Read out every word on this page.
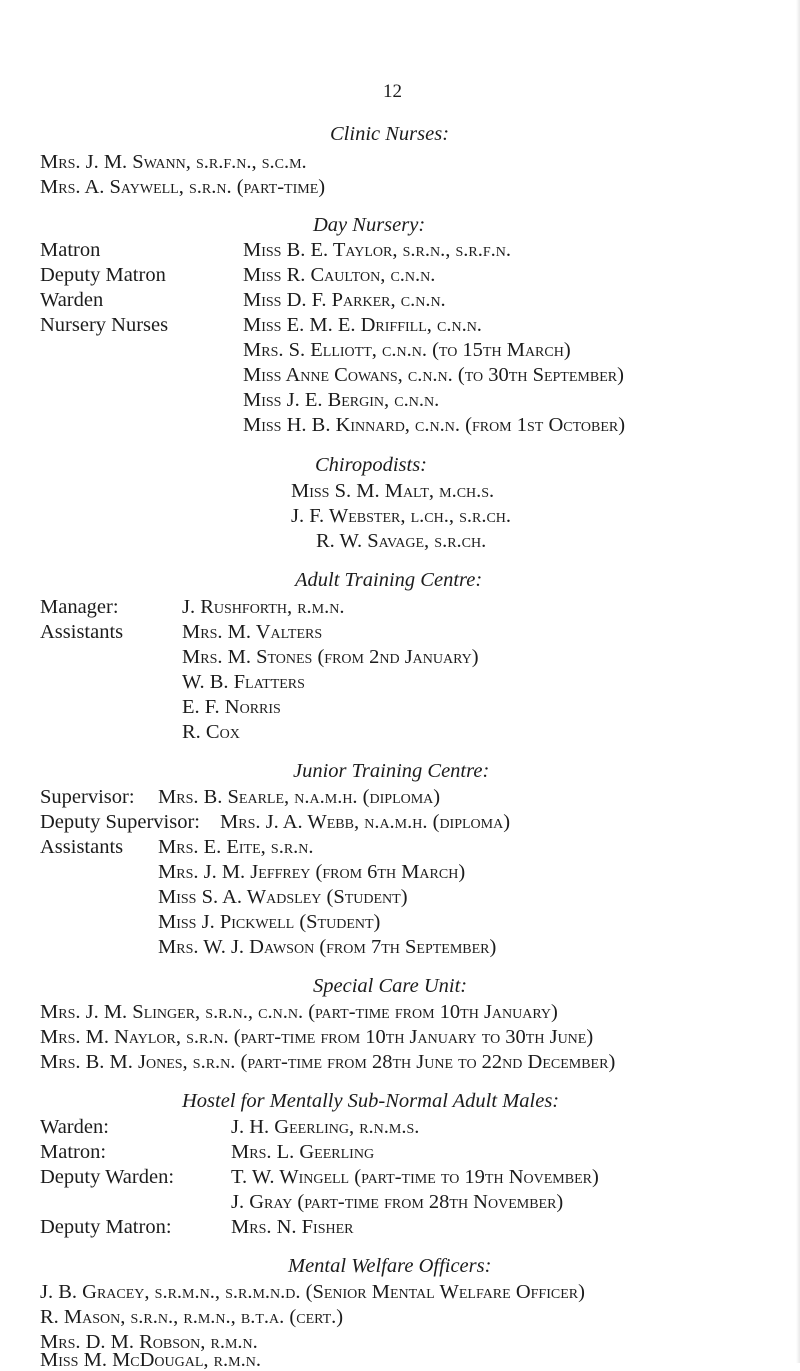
12
Clinic Nurses:
Mrs. J. M. Swann, s.r.f.n., s.c.m.
Mrs. A. Saywell, s.r.n. (part-time)
Day Nursery:
Matron
Deputy Matron
Warden
Nursery Nurses
Miss B. E. Taylor, s.r.n., s.r.f.n.
Miss R. Caulton, c.n.n.
Miss D. F. Parker, c.n.n.
Miss E. M. E. Driffill, c.n.n.
Mrs. S. Elliott, c.n.n. (to 15th March)
Miss Anne Cowans, c.n.n. (to 30th September)
Miss J. E. Bergin, c.n.n.
Miss H. B. Kinnard, c.n.n. (from 1st October)
Chiropodists:
Miss S. M. Malt, m.ch.s.
J. F. Webster, l.ch., s.r.ch.
R. W. Savage, s.r.ch.
Adult Training Centre:
Manager:
Assistants
J. Rushforth, r.m.n.
Mrs. M. Valters
Mrs. M. Stones (from 2nd January)
W. B. Flatters
E. F. Norris
R. Cox
Junior Training Centre:
Supervisor:
Deputy Supervisor:
Assistants
Mrs. B. Searle, n.a.m.h. (diploma)
Mrs. J. A. Webb, n.a.m.h. (diploma)
Mrs. E. Eite, s.r.n.
Mrs. J. M. Jeffrey (from 6th March)
Miss S. A. Wadsley (Student)
Miss J. Pickwell (Student)
Mrs. W. J. Dawson (from 7th September)
Special Care Unit:
Mrs. J. M. Slinger, s.r.n., c.n.n. (part-time from 10th January)
Mrs. M. Naylor, s.r.n. (part-time from 10th January to 30th June)
Mrs. B. M. Jones, s.r.n. (part-time from 28th June to 22nd December)
Hostel for Mentally Sub-Normal Adult Males:
Warden:
Matron:
Deputy Warden:
Deputy Matron:
J. H. Geerling, r.n.m.s.
Mrs. L. Geerling
T. W. Wingell (part-time to 19th November)
J. Gray (part-time from 28th November)
Mrs. N. Fisher
Mental Welfare Officers:
J. B. Gracey, s.r.m.n., s.r.m.n.d. (Senior Mental Welfare Officer)
R. Mason, s.r.n., r.m.n., b.t.a. (cert.)
Mrs. D. M. Robson, r.m.n.
Miss M. McDougal, r.m.n.
